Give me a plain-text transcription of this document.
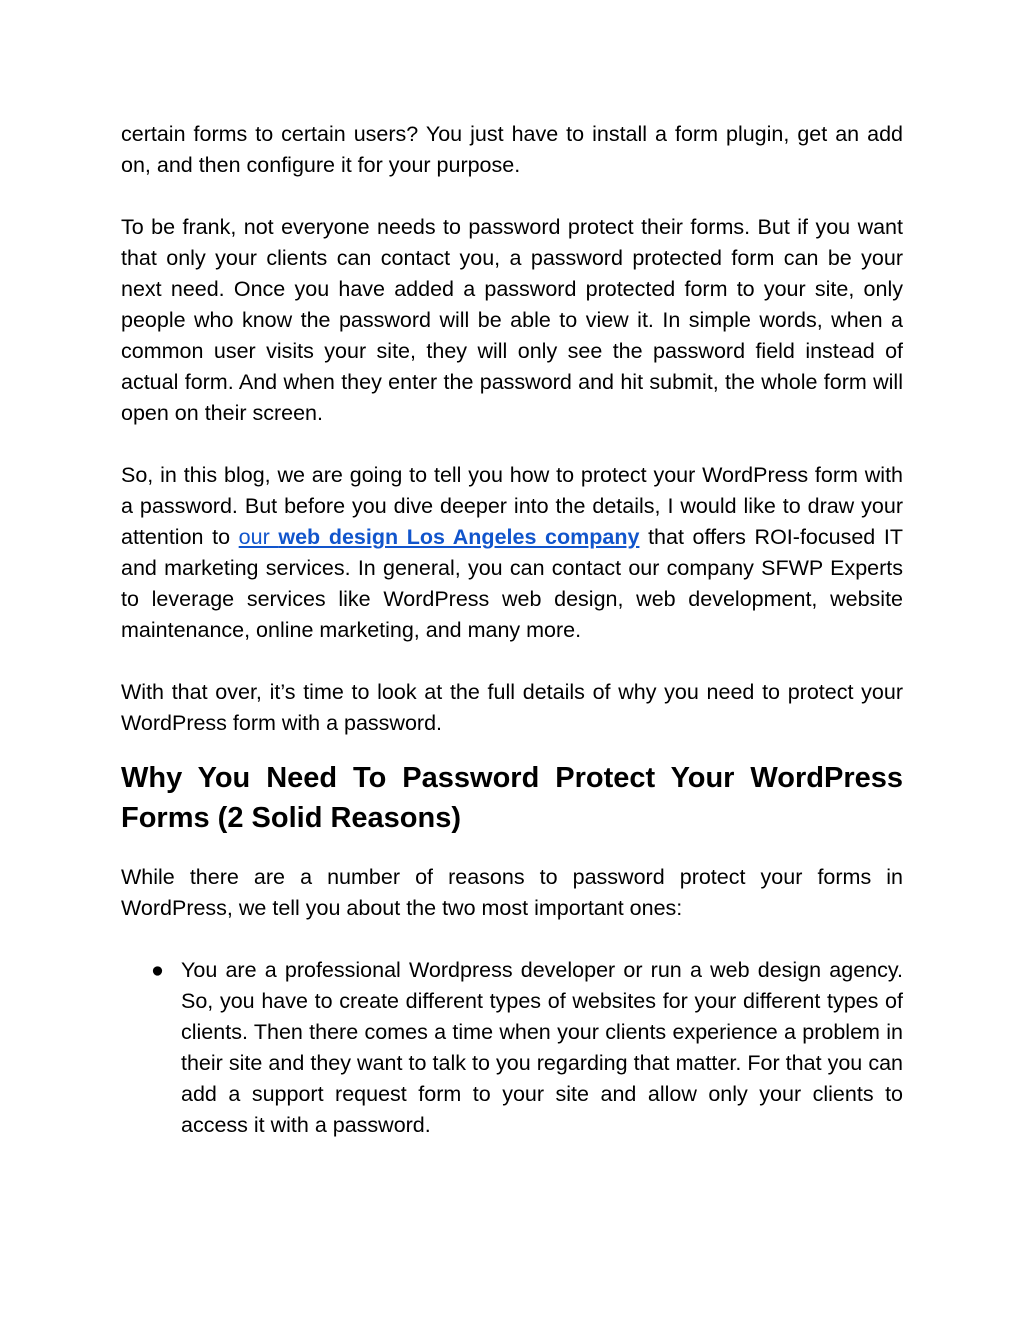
certain forms to certain users? You just have to install a form plugin, get an add on, and then configure it for your purpose.

To be frank, not everyone needs to password protect their forms. But if you want that only your clients can contact you, a password protected form can be your next need. Once you have added a password protected form to your site, only people who know the password will be able to view it. In simple words, when a common user visits your site, they will only see the password field instead of actual form. And when they enter the password and hit submit, the whole form will open on their screen.

So, in this blog, we are going to tell you how to protect your WordPress form with a password. But before you dive deeper into the details, I would like to draw your attention to our web design Los Angeles company that offers ROI-focused IT and marketing services. In general, you can contact our company SFWP Experts to leverage services like WordPress web design, web development, website maintenance, online marketing, and many more.

With that over, it’s time to look at the full details of why you need to protect your WordPress form with a password.

Why You Need To Password Protect Your WordPress Forms (2 Solid Reasons)

While there are a number of reasons to password protect your forms in WordPress, we tell you about the two most important ones:

● You are a professional Wordpress developer or run a web design agency. So, you have to create different types of websites for your different types of clients. Then there comes a time when your clients experience a problem in their site and they want to talk to you regarding that matter. For that you can add a support request form to your site and allow only your clients to access it with a password.
